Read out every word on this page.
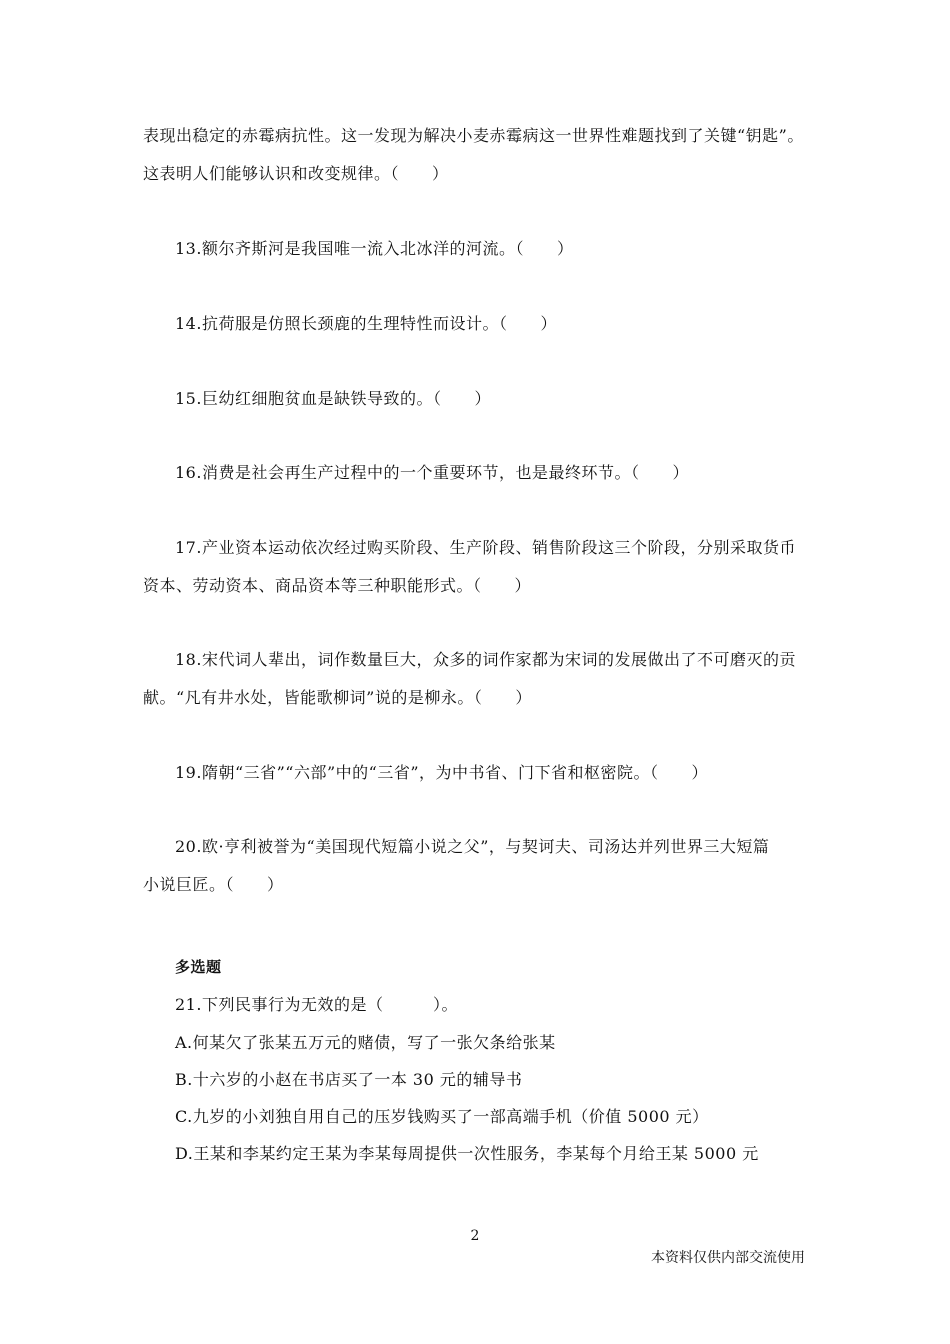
表现出稳定的赤霉病抗性。这一发现为解决小麦赤霉病这一世界性难题找到了关键“钥匙”。
这表明人们能够认识和改变规律。（　　）
13.额尔齐斯河是我国唯一流入北冰洋的河流。（　　）
14.抗荷服是仿照长颈鹿的生理特性而设计。（　　）
15.巨幼红细胞贫血是缺铁导致的。（　　）
16.消费是社会再生产过程中的一个重要环节，也是最终环节。（　　）
17.产业资本运动依次经过购买阶段、生产阶段、销售阶段这三个阶段，分别采取货币
资本、劳动资本、商品资本等三种职能形式。（　　）
18.宋代词人辈出，词作数量巨大，众多的词作家都为宋词的发展做出了不可磨灭的贡
献。“凡有井水处，皆能歌柳词”说的是柳永。（　　）
19.隋朝“三省”“六部”中的“三省”，为中书省、门下省和枢密院。（　　）
20.欧·亨利被誉为“美国现代短篇小说之父”，与契诃夫、司汤达并列世界三大短篇
小说巨匠。（　　）
多选题
21.下列民事行为无效的是（　　　）。
A.何某欠了张某五万元的赌债，写了一张欠条给张某
B.十六岁的小赵在书店买了一本 30 元的辅导书
C.九岁的小刘独自用自己的压岁钱购买了一部高端手机（价值 5000 元）
D.王某和李某约定王某为李某每周提供一次性服务，李某每个月给王某 5000 元
2
本资料仅供内部交流使用
